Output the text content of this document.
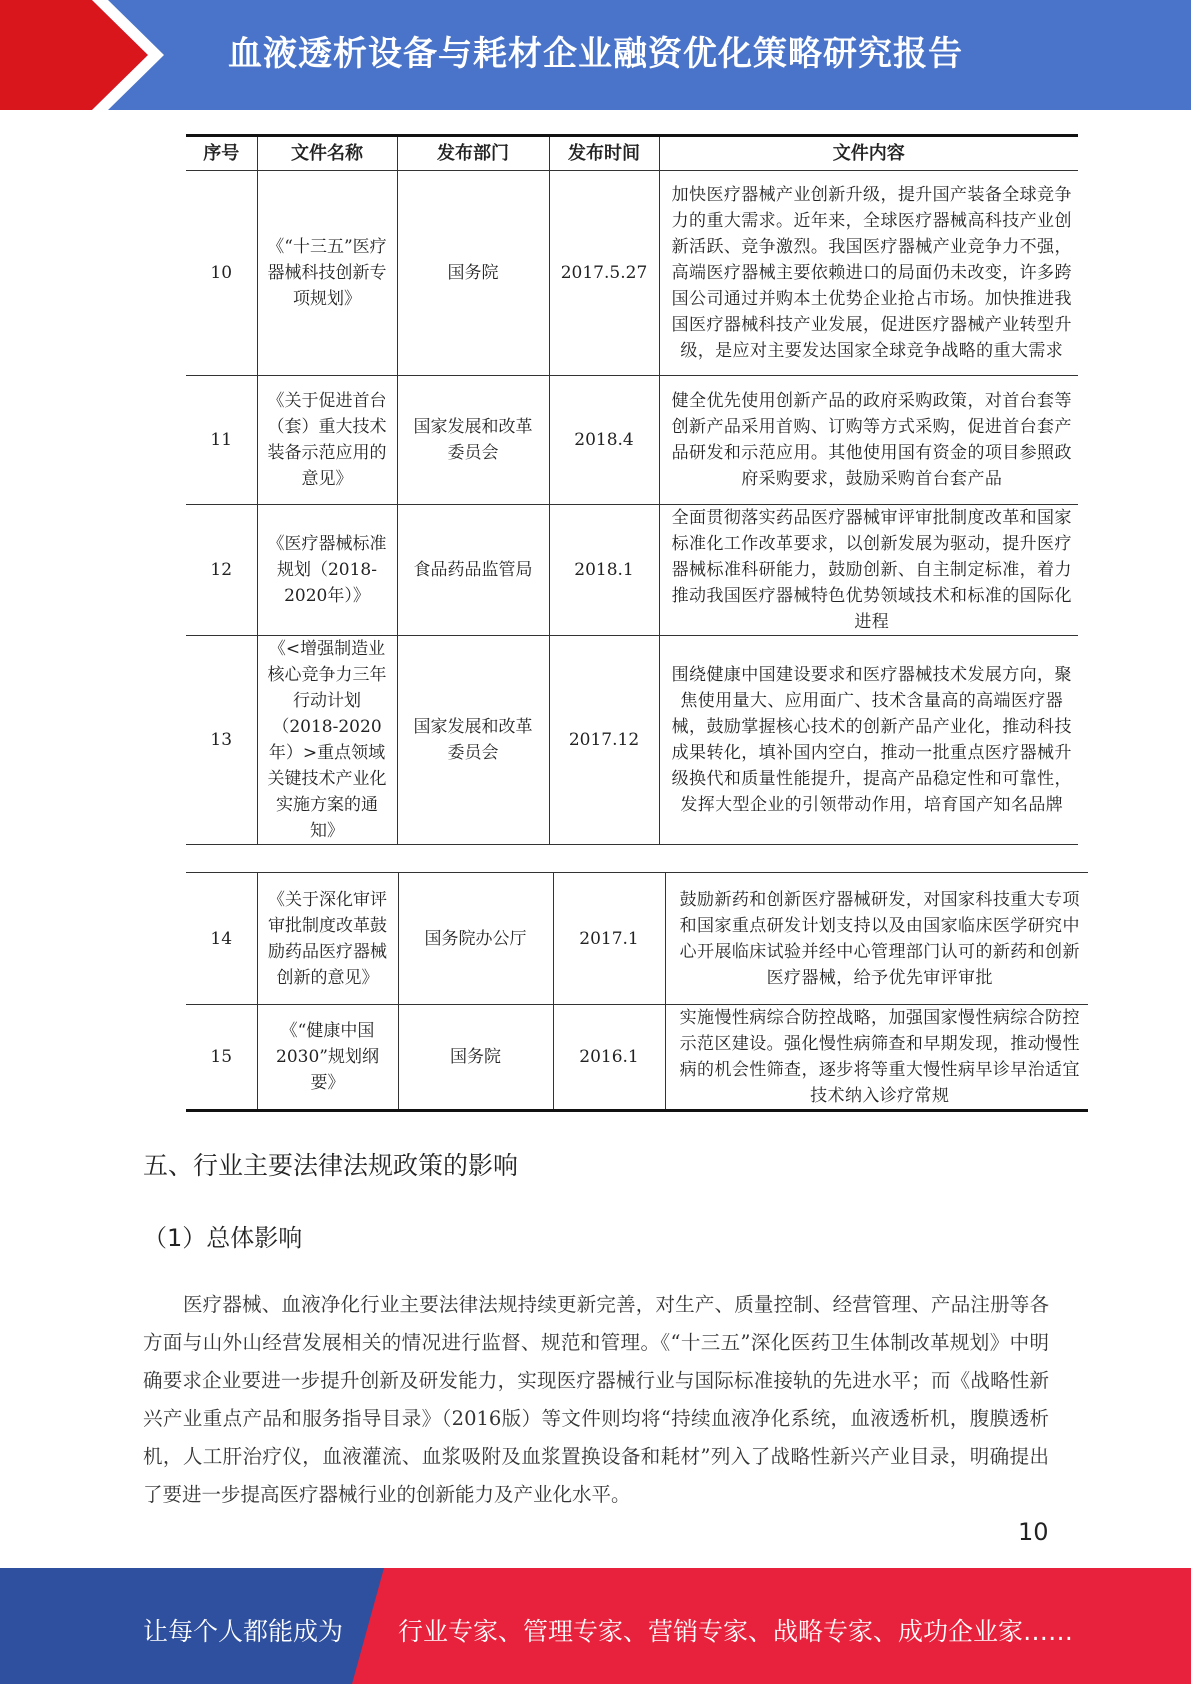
血液透析设备与耗材企业融资优化策略研究报告
序号	文件名称	发布部门	发布时间	文件内容
10	《“十三五”医疗器械科技创新专项规划》	国务院	2017.5.27	加快医疗器械产业创新升级，提升国产装备全球竞争力的重大需求。近年来，全球医疗器械高科技产业创新活跃、竞争激烈。我国医疗器械产业竞争力不强，高端医疗器械主要依赖进口的局面仍未改变，许多跨国公司通过并购本土优势企业抢占市场。加快推进我国医疗器械科技产业发展，促进医疗器械产业转型升级，是应对主要发达国家全球竞争战略的重大需求
11	《关于促进首台（套）重大技术装备示范应用的意见》	国家发展和改革委员会	2018.4	健全优先使用创新产品的政府采购政策，对首台套等创新产品采用首购、订购等方式采购，促进首台套产品研发和示范应用。其他使用国有资金的项目参照政府采购要求，鼓励采购首台套产品
12	《医疗器械标准规划（2018-2020年）》	食品药品监管局	2018.1	全面贯彻落实药品医疗器械审评审批制度改革和国家标准化工作改革要求，以创新发展为驱动，提升医疗器械标准科研能力，鼓励创新、自主制定标准，着力推动我国医疗器械特色优势领域技术和标准的国际化进程
13	《<增强制造业核心竞争力三年行动计划（2018-2020年）>重点领域关键技术产业化实施方案的通知》	国家发展和改革委员会	2017.12	围绕健康中国建设要求和医疗器械技术发展方向，聚焦使用量大、应用面广、技术含量高的高端医疗器械，鼓励掌握核心技术的创新产品产业化，推动科技成果转化，填补国内空白，推动一批重点医疗器械升级换代和质量性能提升，提高产品稳定性和可靠性，发挥大型企业的引领带动作用，培育国产知名品牌
14	《关于深化审评审批制度改革鼓励药品医疗器械创新的意见》	国务院办公厅	2017.1	鼓励新药和创新医疗器械研发，对国家科技重大专项和国家重点研发计划支持以及由国家临床医学研究中心开展临床试验并经中心管理部门认可的新药和创新医疗器械，给予优先审评审批
15	《“健康中国2030”规划纲要》	国务院	2016.1	实施慢性病综合防控战略，加强国家慢性病综合防控示范区建设。强化慢性病筛查和早期发现，推动慢性病的机会性筛查，逐步将等重大慢性病早诊早治适宜技术纳入诊疗常规
五、行业主要法律法规政策的影响
（1）总体影响

医疗器械、血液净化行业主要法律法规持续更新完善，对生产、质量控制、经营管理、产品注册等各方面与山外山经营发展相关的情况进行监督、规范和管理。《“十三五”深化医药卫生体制改革规划》中明确要求企业要进一步提升创新及研发能力，实现医疗器械行业与国际标准接轨的先进水平；而《战略性新兴产业重点产品和服务指导目录》（2016版）等文件则均将“持续血液净化系统，血液透析机，腹膜透析机，人工肝治疗仪，血液灌流、血浆吸附及血浆置换设备和耗材”列入了战略性新兴产业目录，明确提出了要进一步提高医疗器械行业的创新能力及产业化水平。

10
让每个人都能成为 行业专家、管理专家、营销专家、战略专家、成功企业家……
